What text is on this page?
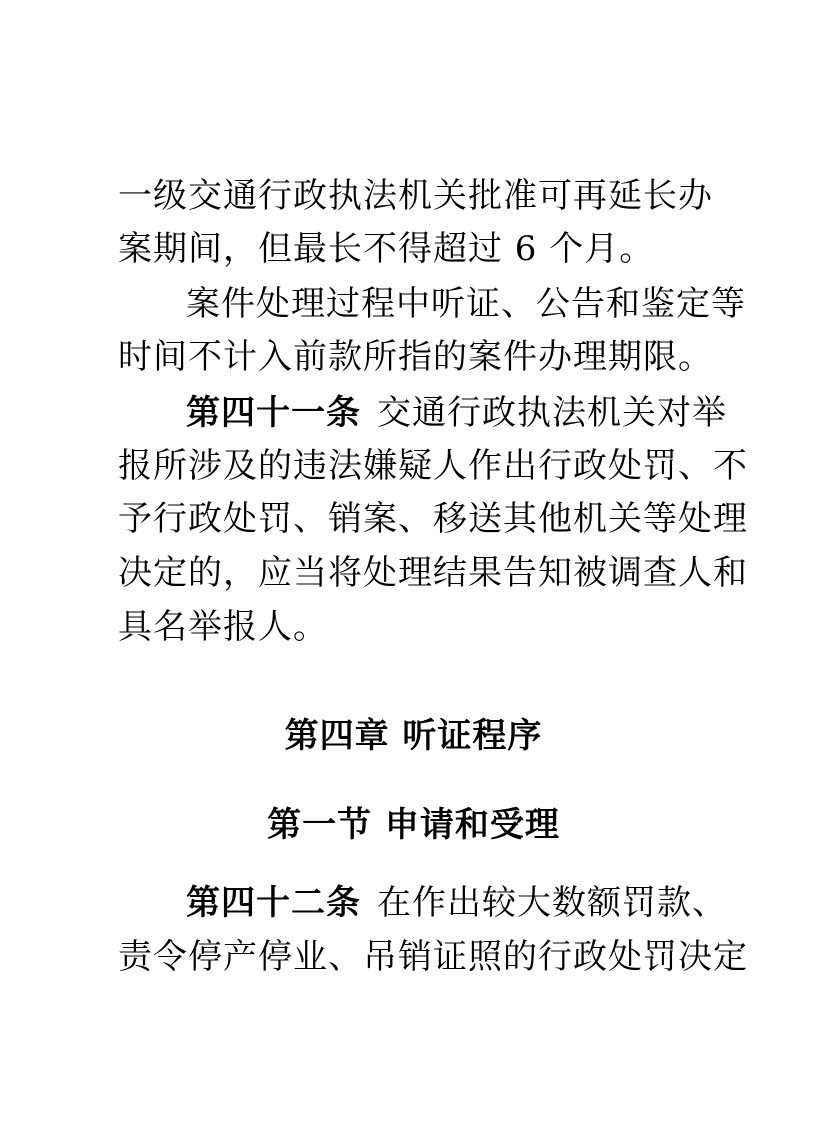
一级交通行政执法机关批准可再延长办
案期间，但最长不得超过 6 个月。
案件处理过程中听证、公告和鉴定等
时间不计入前款所指的案件办理期限。
第四十一条 交通行政执法机关对举
报所涉及的违法嫌疑人作出行政处罚、不
予行政处罚、销案、移送其他机关等处理
决定的，应当将处理结果告知被调查人和
具名举报人。
第四章 听证程序
第一节 申请和受理
第四十二条 在作出较大数额罚款、
责令停产停业、吊销证照的行政处罚决定
